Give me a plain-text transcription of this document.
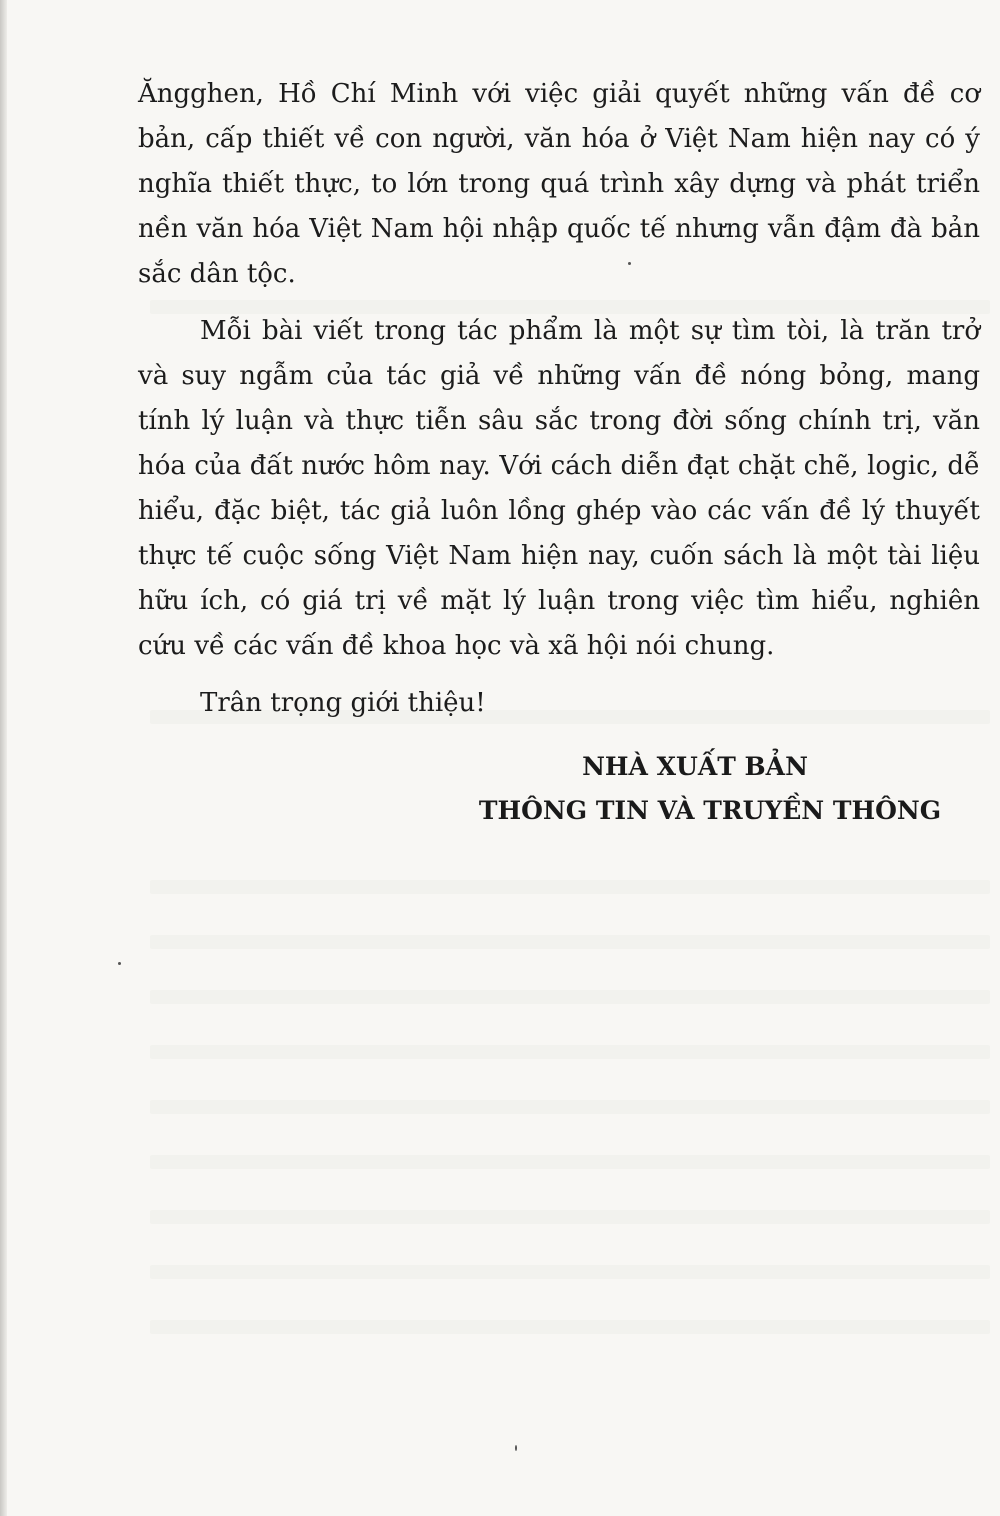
Ăngghen, Hồ Chí Minh với việc giải quyết những vấn đề cơ bản, cấp thiết về con người, văn hóa ở Việt Nam hiện nay có ý nghĩa thiết thực, to lớn trong quá trình xây dựng và phát triển nền văn hóa Việt Nam hội nhập quốc tế nhưng vẫn đậm đà bản sắc dân tộc.

Mỗi bài viết trong tác phẩm là một sự tìm tòi, là trăn trở và suy ngẫm của tác giả về những vấn đề nóng bỏng, mang tính lý luận và thực tiễn sâu sắc trong đời sống chính trị, văn hóa của đất nước hôm nay. Với cách diễn đạt chặt chẽ, logic, dễ hiểu, đặc biệt, tác giả luôn lồng ghép vào các vấn đề lý thuyết thực tế cuộc sống Việt Nam hiện nay, cuốn sách là một tài liệu hữu ích, có giá trị về mặt lý luận trong việc tìm hiểu, nghiên cứu về các vấn đề khoa học và xã hội nói chung.

Trân trọng giới thiệu!

NHÀ XUẤT BẢN
THÔNG TIN VÀ TRUYỀN THÔNG
